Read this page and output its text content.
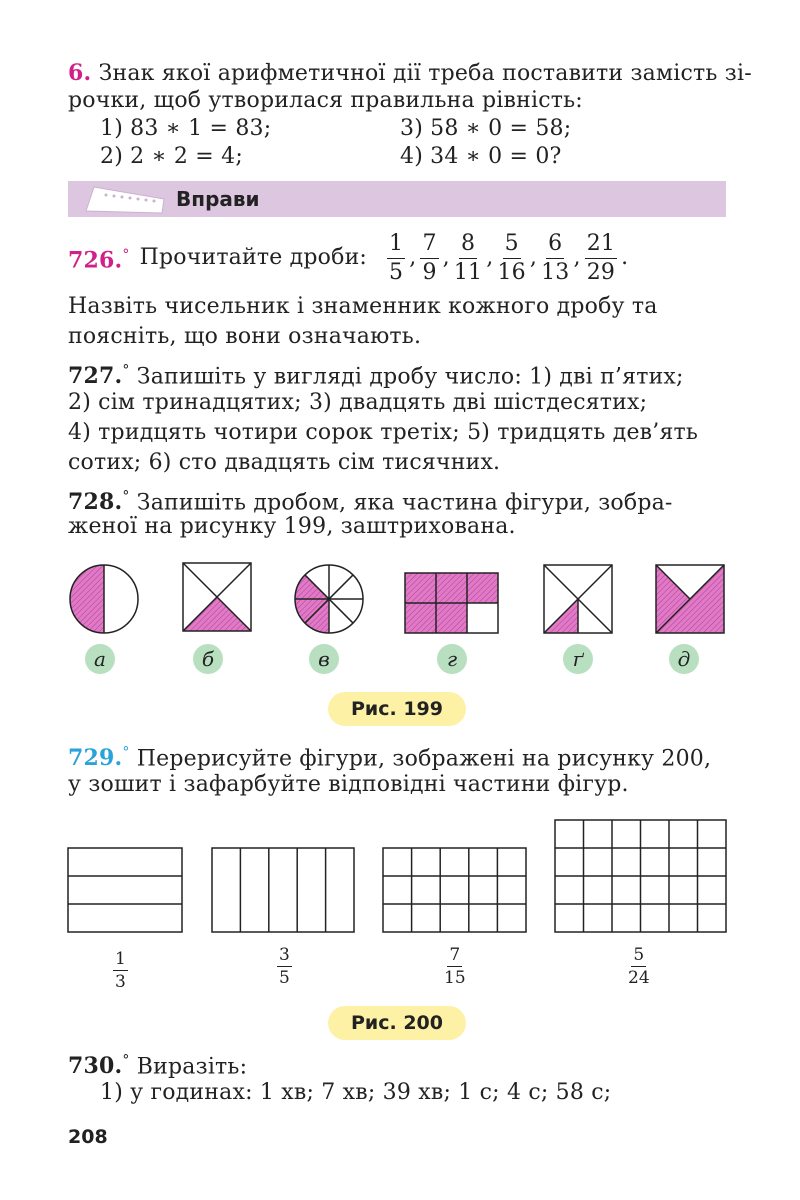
6. Знак якої арифметичної дії треба поставити замість зі-
рочки, щоб утворилася правильна рівність:
1) 83 ∗ 1 = 83;
2) 2 ∗ 2 = 4;
3) 58 ∗ 0 = 58;
4) 34 ∗ 0 = 0?
Вправи
726.° Прочитайте дроби: $\frac{1}{5}$ , $\frac{7}{9}$ , $\frac{8}{11}$ , $\frac{5}{16}$ , $\frac{6}{13}$ , $\frac{21}{29}$ .
Назвіть чисельник і знаменник кожного дробу та
поясніть, що вони означають.
727.° Запишіть у вигляді дробу число: 1) дві п’ятих;
2) сім тринадцятих; 3) двадцять дві шістдесятих;
4) тридцять чотири сорок третіх; 5) тридцять дев’ять
сотих; 6) сто двадцять сім тисячних.
728.° Запишіть дробом, яка частина фігури, зобра-
женої на рисунку 199, заштрихована.
а	б	в	г	ґ	д
Рис. 199
729.° Перерисуйте фігури, зображені на рисунку 200,
у зошит і зафарбуйте відповідні частини фігур.
1
3
3
5
7
15
5
24
Рис. 200
730.° Виразіть:
1) у годинах: 1 хв; 7 хв; 39 хв; 1 с; 4 с; 58 с;
208
